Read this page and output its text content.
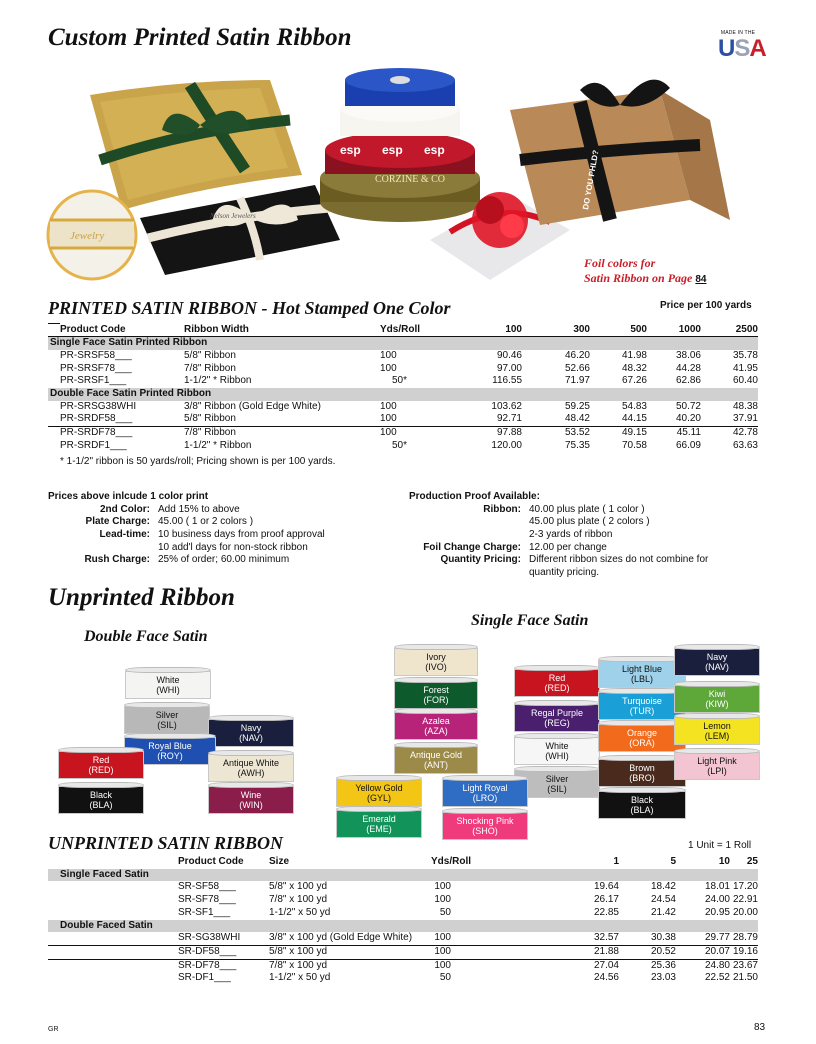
Custom Printed Satin Ribbon	MADE IN THE
USA
Jewelry
Nelson Jewelers
CORZINE & CO
esp esp esp	DO YOU PHLD?
Foil colors for
Satin Ribbon on Page 84
PRINTED SATIN RIBBON - Hot Stamped One Color	Price per 100 yards
	Product Code	Ribbon Width	Yds/Roll	100	300	500	1000	2500
Single Face Satin Printed Ribbon								
	PR-SRSF58___	5/8" Ribbon	100	90.46	46.20	41.98	38.06	35.78
	PR-SRSF78___	7/8" Ribbon	100	97.00	52.66	48.32	44.28	41.95
	PR-SRSF1___	1-1/2" * Ribbon	50*	116.55	71.97	67.26	62.86	60.40
Double Face Satin Printed Ribbon								
	PR-SRSG38WHI	3/8" Ribbon (Gold Edge White)	100	103.62	59.25	54.83	50.72	48.38
	PR-SRDF58___	5/8" Ribbon	100	92.71	48.42	44.15	40.20	37.91
	PR-SRDF78___	7/8" Ribbon	100	97.88	53.52	49.15	45.11	42.78
	PR-SRDF1___	1-1/2" * Ribbon	50*	120.00	75.35	70.58	66.09	63.63
* 1-1/2" ribbon is 50 yards/roll; Pricing shown is per 100 yards.
Prices above inlcude 1 color print
2nd Color:	Add 15% to above
Plate Charge:	45.00 ( 1 or 2 colors )
Lead-time:	10 business days from proof approval
	10 add'l days for non-stock ribbon
Rush Charge:	25% of order; 60.00 minimum
Production Proof Available:
Ribbon:	40.00 plus plate ( 1 color )
	45.00 plus plate ( 2 colors )
	2-3 yards of ribbon
Foil Change Charge:	12.00 per change
Quantity Pricing:	Different ribbon sizes do not combine for
	quantity pricing.
Unprinted Ribbon
Double Face Satin
Single Face Satin
White
(WHI)
Silver
(SIL)	Navy
(NAV)
Royal Blue
(ROY)
Antique White
(AWH)
Red
(RED)
Black
(BLA)
Wine
(WIN)
Ivory
(IVO)
Forest
(FOR)
Azalea
(AZA)
Antique Gold
(ANT)
Red
(RED)
Regal Purple
(REG)
White
(WHI)
Silver
(SIL)
Light Blue
(LBL)
Turquoise
(TUR)
Orange
(ORA)
Brown
(BRO)
Black
(BLA)
Navy
(NAV)
Kiwi
(KIW)
Lemon
(LEM)
Light Pink
(LPI)
Yellow Gold
(GYL)
Light Royal
(LRO)
Emerald
(EME)
Shocking Pink
(SHO)
UNPRINTED SATIN RIBBON	1 Unit = 1 Roll
	Product Code	Size	Yds/Roll	1	5	10	25
Single Faced Satin							
	SR-SF58___	5/8" x 100 yd	100	19.64	18.42	18.01	17.20
	SR-SF78___	7/8" x 100 yd	100	26.17	24.54	24.00	22.91
	SR-SF1___	1-1/2" x 50 yd	50	22.85	21.42	20.95	20.00
Double Faced Satin							
	SR-SG38WHI	3/8" x 100 yd (Gold Edge White)	100	32.57	30.38	29.77	28.79
	SR-DF58___	5/8" x 100 yd	100	21.88	20.52	20.07	19.16
	SR-DF78___	7/8" x 100 yd	100	27.04	25.36	24.80	23.67
	SR-DF1___	1-1/2" x 50 yd	50	24.56	23.03	22.52	21.50
GR	83
